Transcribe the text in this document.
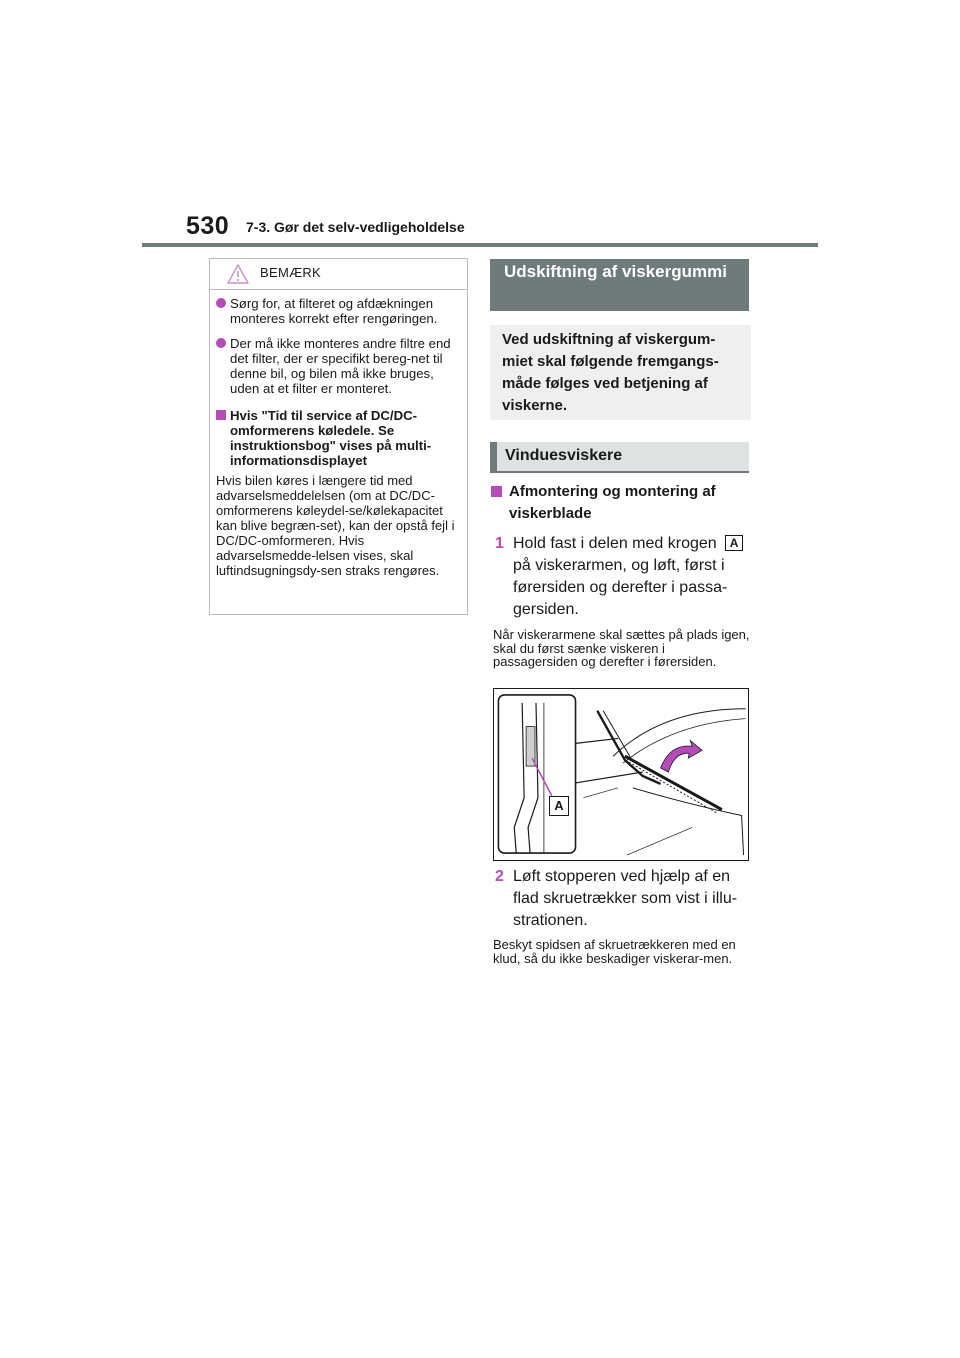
530 7-3. Gør det selv-vedligeholdelse
BEMÆRK
Sørg for, at filteret og afdækningen monteres korrekt efter rengøringen.
Der må ikke monteres andre filtre end det filter, der er specifikt bereg-net til denne bil, og bilen må ikke bruges, uden at et filter er monteret.
Hvis "Tid til service af DC/DC-omformerens køledele. Se instruktionsbog" vises på multi-informationsdisplayet
Hvis bilen køres i længere tid med advarselsmeddelelsen (om at DC/DC-omformerens køleydel-se/kølekapacitet kan blive begræn-set), kan der opstå fejl i DC/DC-omformeren. Hvis advarselsmedde-lelsen vises, skal luftindsugningsdy-sen straks rengøres.
Udskiftning af viskergummi
Ved udskiftning af viskergum-miet skal følgende fremgangs-måde følges ved betjening af viskerne.
Vinduesviskere
Afmontering og montering af viskerblade
1 Hold fast i delen med krogen A på viskerarmen, og løft, først i førersiden og derefter i passa-gersiden.
Når viskerarmene skal sættes på plads igen, skal du først sænke viskeren i passagersiden og derefter i førersiden.
A
2 Løft stopperen ved hjælp af en flad skruetrækker som vist i illu-strationen.
Beskyt spidsen af skruetrækkeren med en klud, så du ikke beskadiger viskerar-men.
